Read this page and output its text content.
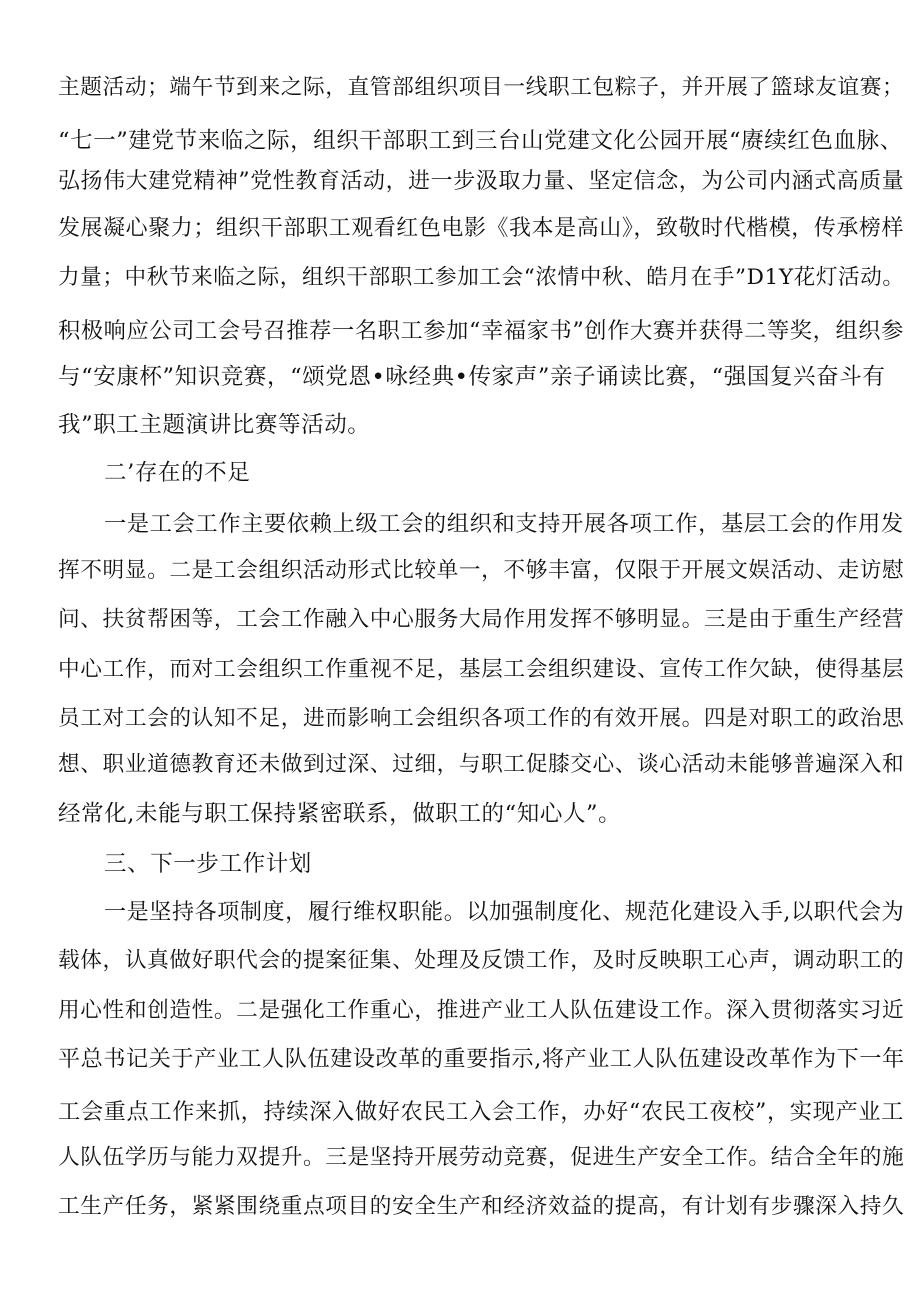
主题活动；端午节到来之际，直管部组织项目一线职工包粽子，并开展了篮球友谊赛；
“七一”建党节来临之际，组织干部职工到三台山党建文化公园开展“赓续红色血脉、
弘扬伟大建党精神”党性教育活动，进一步汲取力量、坚定信念，为公司内涵式高质量
发展凝心聚力；组织干部职工观看红色电影《我本是高山》，致敬时代楷模，传承榜样
力量；中秋节来临之际，组织干部职工参加工会“浓情中秋、皓月在手”D1Y花灯活动。
积极响应公司工会号召推荐一名职工参加“幸福家书”创作大赛并获得二等奖，组织参
与“安康杯”知识竞赛，“颂党恩•咏经典•传家声”亲子诵读比赛，“强国复兴奋斗有
我”职工主题演讲比赛等活动。
二’存在的不足
一是工会工作主要依赖上级工会的组织和支持开展各项工作，基层工会的作用发
挥不明显。二是工会组织活动形式比较单一，不够丰富，仅限于开展文娱活动、走访慰
问、扶贫帮困等，工会工作融入中心服务大局作用发挥不够明显。三是由于重生产经营
中心工作，而对工会组织工作重视不足，基层工会组织建设、宣传工作欠缺，使得基层
员工对工会的认知不足，进而影响工会组织各项工作的有效开展。四是对职工的政治思
想、职业道德教育还未做到过深、过细，与职工促膝交心、谈心活动未能够普遍深入和
经常化,未能与职工保持紧密联系，做职工的“知心人”。
三、下一步工作计划
一是坚持各项制度，履行维权职能。以加强制度化、规范化建设入手,以职代会为
载体，认真做好职代会的提案征集、处理及反馈工作，及时反映职工心声，调动职工的
用心性和创造性。二是强化工作重心，推进产业工人队伍建设工作。深入贯彻落实习近
平总书记关于产业工人队伍建设改革的重要指示,将产业工人队伍建设改革作为下一年
工会重点工作来抓，持续深入做好农民工入会工作，办好“农民工夜校”，实现产业工
人队伍学历与能力双提升。三是坚持开展劳动竞赛，促进生产安全工作。结合全年的施
工生产任务，紧紧围绕重点项目的安全生产和经济效益的提高，有计划有步骤深入持久
